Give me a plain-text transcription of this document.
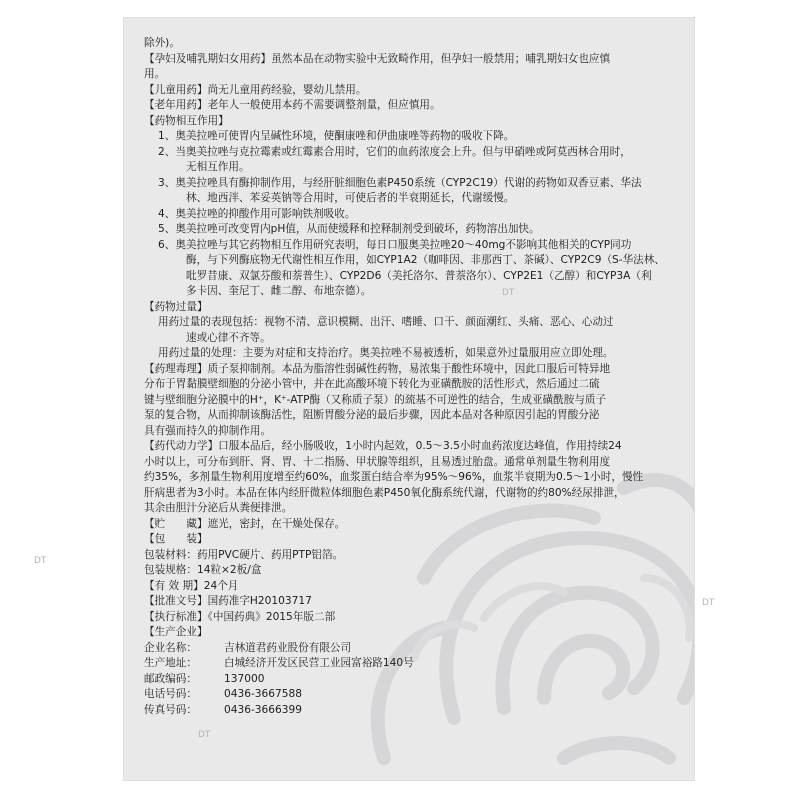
除外)。

【孕妇及哺乳期妇女用药】虽然本品在动物实验中无致畸作用，但孕妇一般禁用；哺乳期妇女也应慎

用。

【儿童用药】尚无儿童用药经验，婴幼儿禁用。

【老年用药】老年人一般使用本药不需要调整剂量，但应慎用。

【药物相互作用】

1、奥美拉唑可使胃内呈碱性环境，使酮康唑和伊曲康唑等药物的吸收下降。

2、当奥美拉唑与克拉霉素或红霉素合用时，它们的血药浓度会上升。但与甲硝唑或阿莫西林合用时，

无相互作用。

3、奥美拉唑具有酶抑制作用，与经肝脏细胞色素P450系统（CYP2C19）代谢的药物如双香豆素、华法

林、地西泮、苯妥英钠等合用时，可使后者的半衰期延长，代谢缓慢。

4、奥美拉唑的抑酸作用可影响铁剂吸收。

5、奥美拉唑可改变胃内pH值，从而使缓释和控释制剂受到破坏，药物溶出加快。

6、奥美拉唑与其它药物相互作用研究表明，每日口服奥美拉唑20～40mg不影响其他相关的CYP同功

酶，与下列酶底物无代谢性相互作用，如CYP1A2（咖啡因、非那西丁、茶碱）、CYP2C9（S-华法林、

吡罗昔康、双氯芬酸和萘普生）、CYP2D6（美托洛尔、普萘洛尔）、CYP2E1（乙醇）和CYP3A（利

多卡因、奎尼丁、雌二醇、布地奈德）。

【药物过量】

用药过量的表现包括：视物不清、意识模糊、出汗、嗜睡、口干、颜面潮红、头痛、恶心、心动过

速或心律不齐等。

用药过量的处理：主要为对症和支持治疗。奥美拉唑不易被透析，如果意外过量服用应立即处理。

【药理毒理】质子泵抑制剂。本品为脂溶性弱碱性药物，易浓集于酸性环境中，因此口服后可特异地

分布于胃黏膜壁细胞的分泌小管中，并在此高酸环境下转化为亚磺酰胺的活性形式，然后通过二硫

键与壁细胞分泌膜中的H⁺，K⁺-ATP酶（又称质子泵）的巯基不可逆性的结合，生成亚磺酰胺与质子

泵的复合物，从而抑制该酶活性，阻断胃酸分泌的最后步骤，因此本品对各种原因引起的胃酸分泌

具有强而持久的抑制作用。

【药代动力学】口服本品后，经小肠吸收，1小时内起效，0.5～3.5小时血药浓度达峰值，作用持续24

小时以上，可分布到肝、肾、胃、十二指肠、甲状腺等组织，且易透过胎盘。通常单剂量生物利用度

约35%，多剂量生物利用度增至约60%，血浆蛋白结合率为95%～96%，血浆半衰期为0.5～1小时，慢性

肝病患者为3小时。本品在体内经肝微粒体细胞色素P450氧化酶系统代谢，代谢物的约80%经尿排泄，

其余由胆汁分泌后从粪便排泄。

【贮　　藏】遮光，密封，在干燥处保存。

【包　　装】

包装材料：药用PVC硬片、药用PTP铝箔。

包装规格：14粒×2板/盒

【有 效 期】24个月

【批准文号】国药准字H20103717

【执行标准】《中国药典》2015年版二部

【生产企业】

企业名称：	吉林道君药业股份有限公司

生产地址：	白城经济开发区民营工业园富裕路140号

邮政编码：	137000

电话号码：	0436-3667588

传真号码：	0436-3666399

DT
DT
DT
DT
